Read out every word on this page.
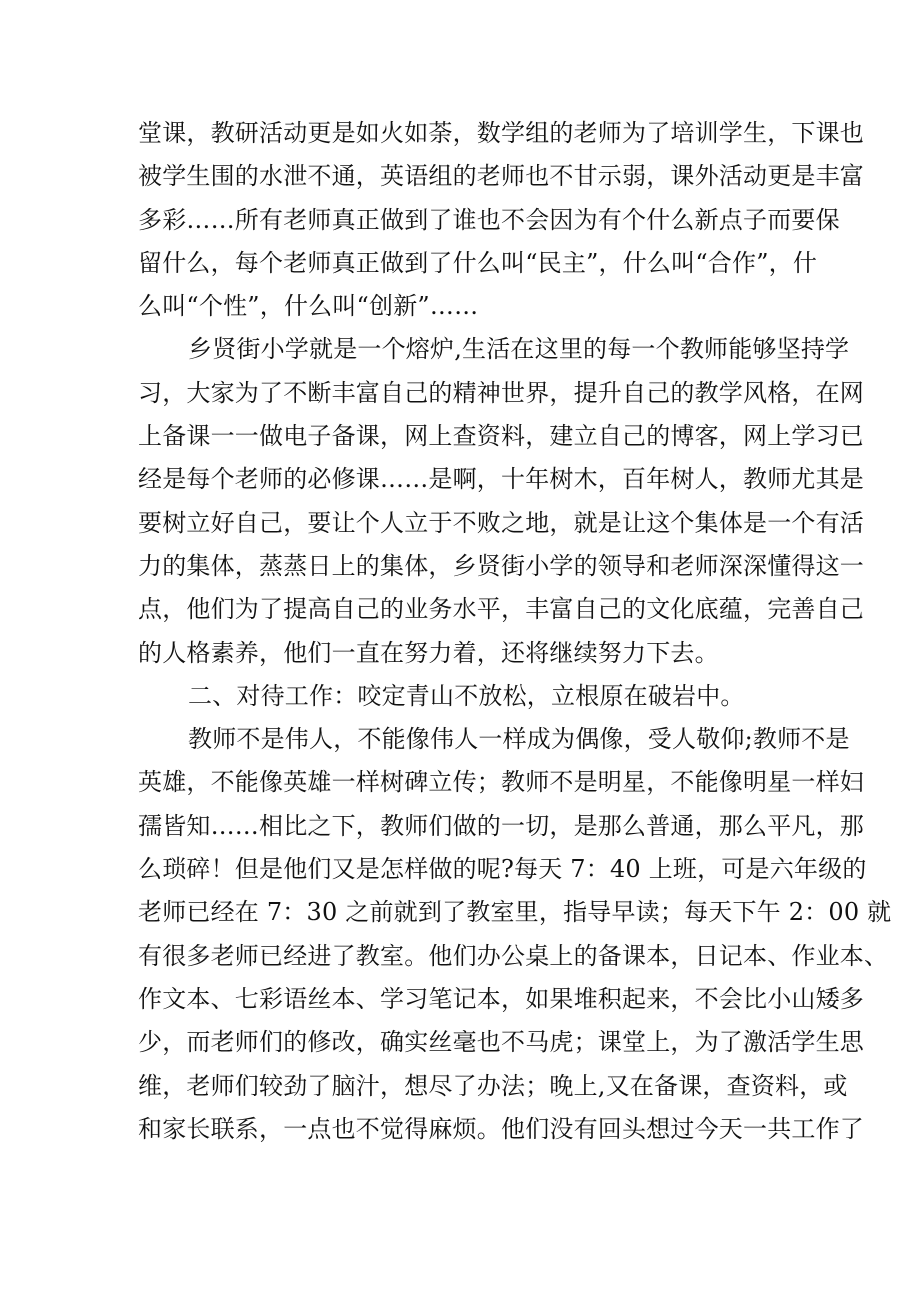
堂课，教研活动更是如火如荼，数学组的老师为了培训学生，下课也
被学生围的水泄不通，英语组的老师也不甘示弱，课外活动更是丰富
多彩……所有老师真正做到了谁也不会因为有个什么新点子而要保
留什么，每个老师真正做到了什么叫“民主”，什么叫“合作”，什
么叫“个性”，什么叫“创新”……
乡贤街小学就是一个熔炉,生活在这里的每一个教师能够坚持学
习，大家为了不断丰富自己的精神世界，提升自己的教学风格，在网
上备课一一做电子备课，网上查资料，建立自己的博客，网上学习已
经是每个老师的必修课……是啊，十年树木，百年树人，教师尤其是
要树立好自己，要让个人立于不败之地，就是让这个集体是一个有活
力的集体，蒸蒸日上的集体，乡贤街小学的领导和老师深深懂得这一
点，他们为了提高自己的业务水平，丰富自己的文化底蕴，完善自己
的人格素养，他们一直在努力着，还将继续努力下去。
二、对待工作：咬定青山不放松，立根原在破岩中。
教师不是伟人，不能像伟人一样成为偶像，受人敬仰;教师不是
英雄，不能像英雄一样树碑立传；教师不是明星，不能像明星一样妇
孺皆知……相比之下，教师们做的一切，是那么普通，那么平凡，那
么琐碎！但是他们又是怎样做的呢?每天 7：40 上班，可是六年级的
老师已经在 7：30 之前就到了教室里，指导早读；每天下午 2：00 就
有很多老师已经进了教室。他们办公桌上的备课本，日记本、作业本、
作文本、七彩语丝本、学习笔记本，如果堆积起来，不会比小山矮多
少，而老师们的修改，确实丝毫也不马虎；课堂上，为了激活学生思
维，老师们较劲了脑汁，想尽了办法；晚上,又在备课，查资料，或
和家长联系，一点也不觉得麻烦。他们没有回头想过今天一共工作了
